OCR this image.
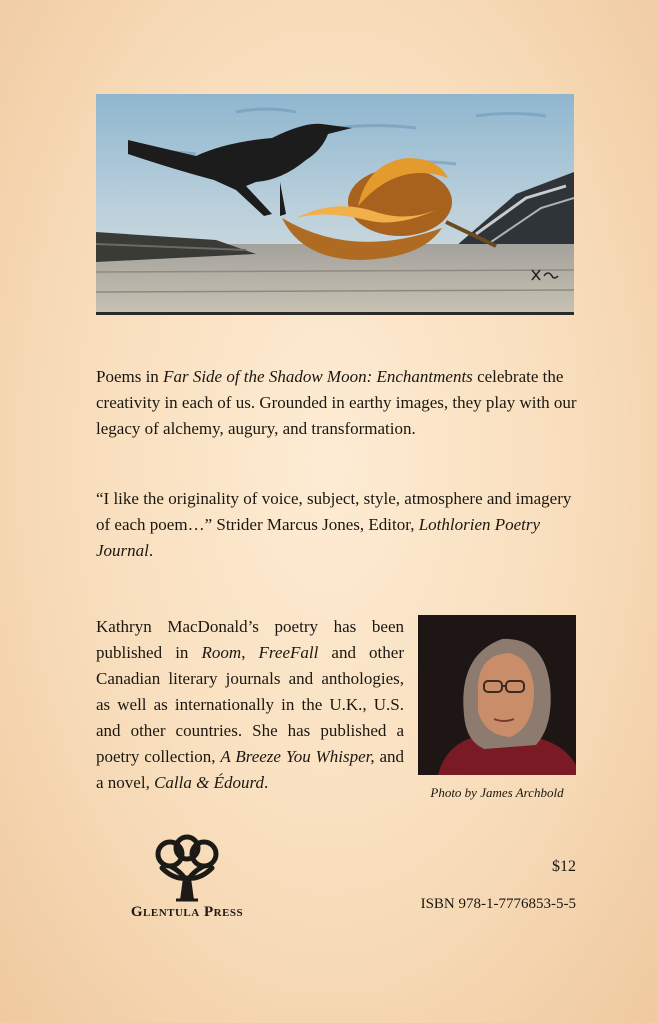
Poems in Far Side of the Shadow Moon: Enchantments celebrate the creativity in each of us. Grounded in earthy images, they play with our legacy of alchemy, augury, and transformation.

“I like the originality of voice, subject, style, atmosphere and imagery of each poem…” Strider Marcus Jones, Editor, Lothlorien Poetry Journal.

Kathryn MacDonald’s poetry has been published in Room, FreeFall and other Canadian literary journals and anthologies, as well as internationally in the U.K., U.S. and other countries. She has published a poetry collection, A Breeze You Whisper, and a novel, Calla & Édourd.

Photo by James Archbold
Glentula Press
$12
ISBN 978-1-7776853-5-5
